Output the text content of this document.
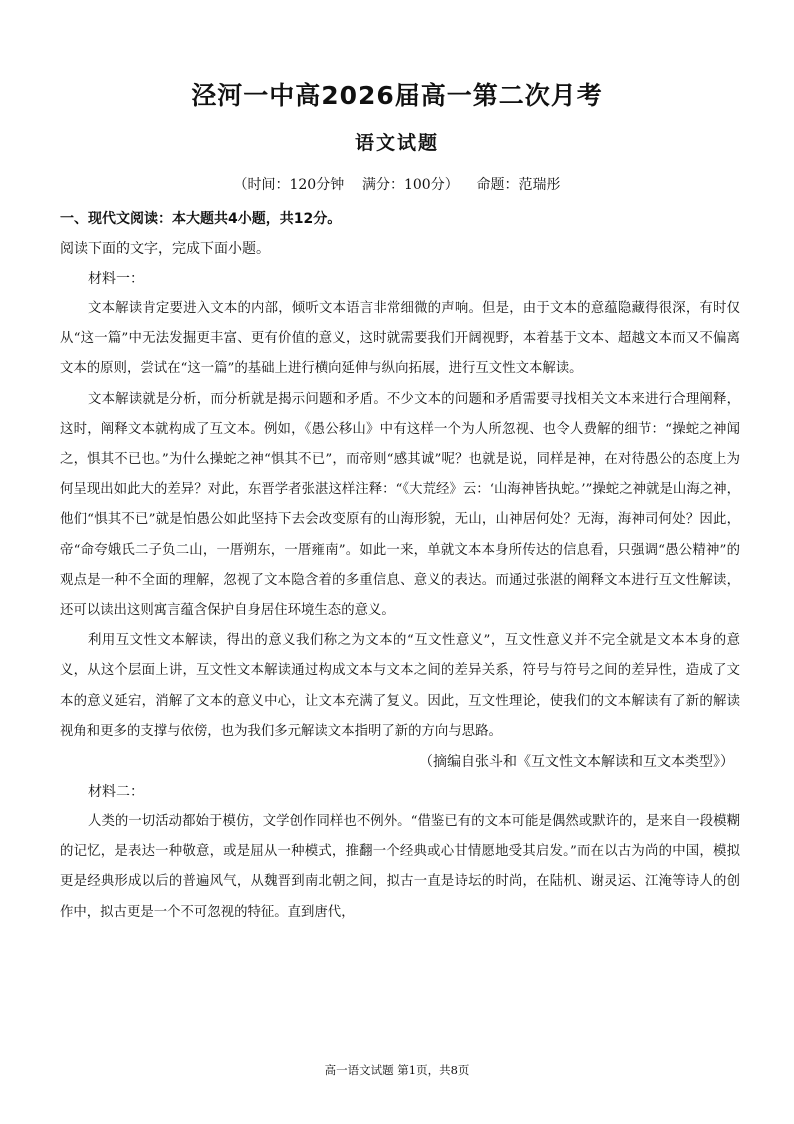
泾河一中高2026届高一第二次月考
语文试题
（时间：120分钟    满分：100分）    命题：范瑞彤

一、现代文阅读：本大题共4小题，共12分。

阅读下面的文字，完成下面小题。

材料一：

文本解读肯定要进入文本的内部，倾听文本语言非常细微的声响。但是，由于文本的意蕴隐藏得很深，有时仅从“这一篇”中无法发掘更丰富、更有价值的意义，这时就需要我们开阔视野，本着基于文本、超越文本而又不偏离文本的原则，尝试在“这一篇”的基础上进行横向延伸与纵向拓展，进行互文性文本解读。

文本解读就是分析，而分析就是揭示问题和矛盾。不少文本的问题和矛盾需要寻找相关文本来进行合理阐释，这时，阐释文本就构成了互文本。例如，《愚公移山》中有这样一个为人所忽视、也令人费解的细节：“操蛇之神闻之，惧其不已也。”为什么操蛇之神“惧其不已”，而帝则“感其诚”呢？也就是说，同样是神，在对待愚公的态度上为何呈现出如此大的差异？对此，东晋学者张湛这样注释：“《大荒经》云：‘山海神皆执蛇。’”操蛇之神就是山海之神，他们“惧其不已”就是怕愚公如此坚持下去会改变原有的山海形貌，无山，山神居何处？无海，海神司何处？因此，帝“命夸娥氏二子负二山，一厝朔东，一厝雍南”。如此一来，单就文本本身所传达的信息看，只强调“愚公精神”的观点是一种不全面的理解，忽视了文本隐含着的多重信息、意义的表达。而通过张湛的阐释文本进行互文性解读，还可以读出这则寓言蕴含保护自身居住环境生态的意义。

利用互文性文本解读，得出的意义我们称之为文本的“互文性意义”，互文性意义并不完全就是文本本身的意义，从这个层面上讲，互文性文本解读通过构成文本与文本之间的差异关系，符号与符号之间的差异性，造成了文本的意义延宕，消解了文本的意义中心，让文本充满了复义。因此，互文性理论，使我们的文本解读有了新的解读视角和更多的支撑与依傍，也为我们多元解读文本指明了新的方向与思路。

（摘编自张斗和《互文性文本解读和互文本类型》）

材料二：

人类的一切活动都始于模仿，文学创作同样也不例外。“借鉴已有的文本可能是偶然或默许的，是来自一段模糊的记忆，是表达一种敬意，或是屈从一种模式，推翻一个经典或心甘情愿地受其启发。”而在以古为尚的中国，模拟更是经典形成以后的普遍风气，从魏晋到南北朝之间，拟古一直是诗坛的时尚，在陆机、谢灵运、江淹等诗人的创作中，拟古更是一个不可忽视的特征。直到唐代，

高一语文试题 第1页，共8页
